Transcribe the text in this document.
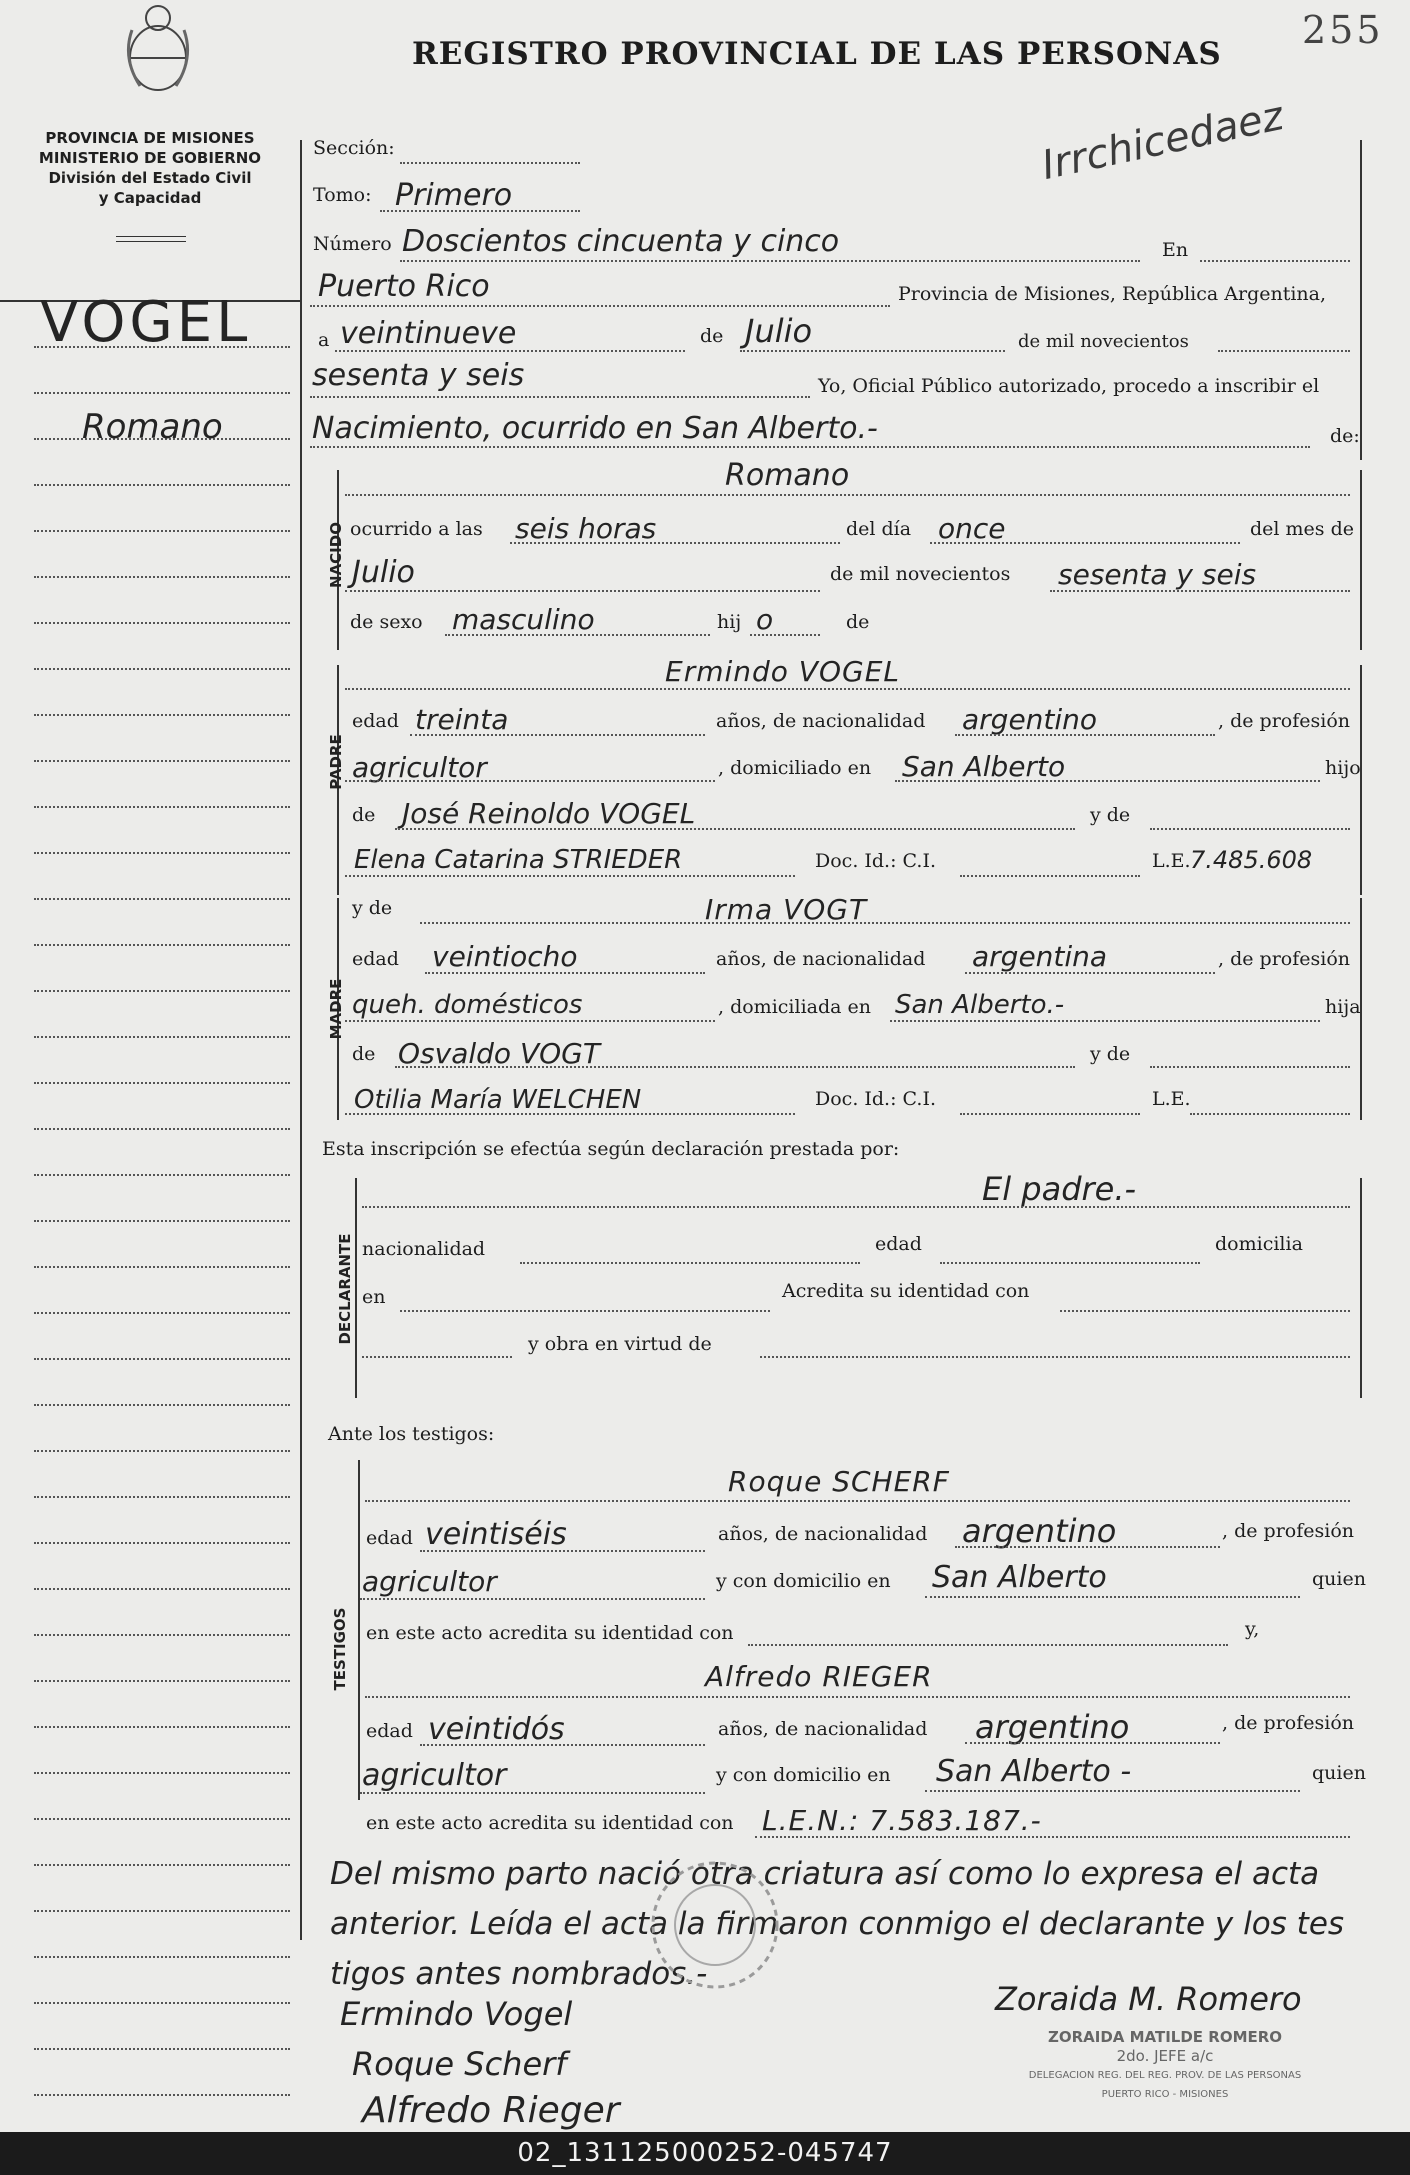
PROVINCIA DE MISIONES
MINISTERIO DE GOBIERNO
División del Estado Civil
y Capacidad
REGISTRO PROVINCIAL DE LAS PERSONAS
255
Irrchicedaez
VOGEL
Romano
Sección:
Tomo: Primero
Número Doscientos cincuenta y cinco	En
Puerto Rico	Provincia de Misiones, República Argentina,
a veintinueve	de Julio	de mil novecientos
sesenta y seis	Yo, Oficial Público autorizado, procedo a inscribir el
Nacimiento, ocurrido en San Alberto.-	de:
NACIDO
Romano
ocurrido a las seis horas	del día once	del mes de
Julio	de mil novecientos sesenta y seis
de sexo masculino	hij o	de
PADRE
Ermindo VOGEL
edad treinta	años, de nacionalidad argentino	, de profesión
agricultor	, domiciliado en San Alberto	hijo
de José Reinoldo VOGEL	y de
Elena Catarina STRIEDER	Doc. Id.: C.I.	L.E. 7.485.608
MADRE
y de	Irma VOGT
edad veintiocho	años, de nacionalidad argentina	, de profesión
queh. domésticos	, domiciliada en San Alberto.-	hija
de Osvaldo VOGT	y de
Otilia María WELCHEN	Doc. Id.: C.I.	L.E.
Esta inscripción se efectúa según declaración prestada por:
DECLARANTE
El padre.-
nacionalidad	edad	domicilia
en	Acredita su identidad con
y obra en virtud de
Ante los testigos:
TESTIGOS
Roque SCHERF
edad veintiséis	años, de nacionalidad argentino	, de profesión
agricultor	y con domicilio en San Alberto	quien
en este acto acredita su identidad con	y,
Alfredo RIEGER
edad veintidós	años, de nacionalidad argentino	, de profesión
agricultor	y con domicilio en San Alberto -	quien
en este acto acredita su identidad con L.E.N.: 7.583.187.-
Del mismo parto nació otra criatura así como lo expresa el acta
anterior. Leída el acta la firmaron conmigo el declarante y los tes
tigos antes nombrados.-
Ermindo Vogel
Roque Scherf
Alfredo Rieger
Zoraida M. Romero
ZORAIDA MATILDE ROMERO
2do. JEFE a/c
DELEGACION REG. DEL REG. PROV. DE LAS PERSONAS
PUERTO RICO - MISIONES
02_131125000252-045747
